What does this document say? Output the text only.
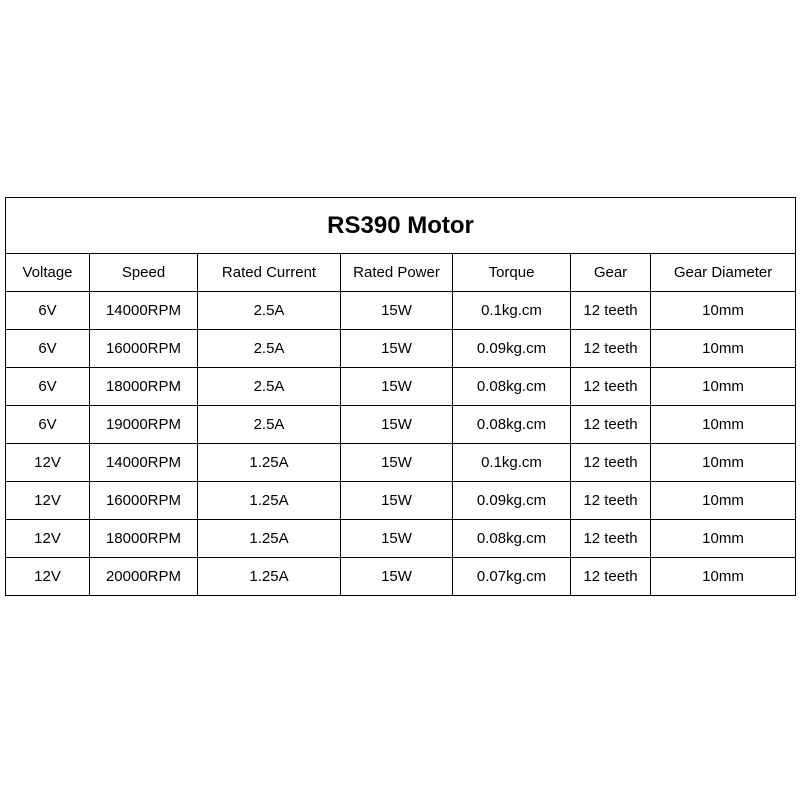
RS390 Motor						
Voltage	Speed	Rated Current	Rated Power	Torque	Gear	Gear Diameter
6V	14000RPM	2.5A	15W	0.1kg.cm	12 teeth	10mm
6V	16000RPM	2.5A	15W	0.09kg.cm	12 teeth	10mm
6V	18000RPM	2.5A	15W	0.08kg.cm	12 teeth	10mm
6V	19000RPM	2.5A	15W	0.08kg.cm	12 teeth	10mm
12V	14000RPM	1.25A	15W	0.1kg.cm	12 teeth	10mm
12V	16000RPM	1.25A	15W	0.09kg.cm	12 teeth	10mm
12V	18000RPM	1.25A	15W	0.08kg.cm	12 teeth	10mm
12V	20000RPM	1.25A	15W	0.07kg.cm	12 teeth	10mm
